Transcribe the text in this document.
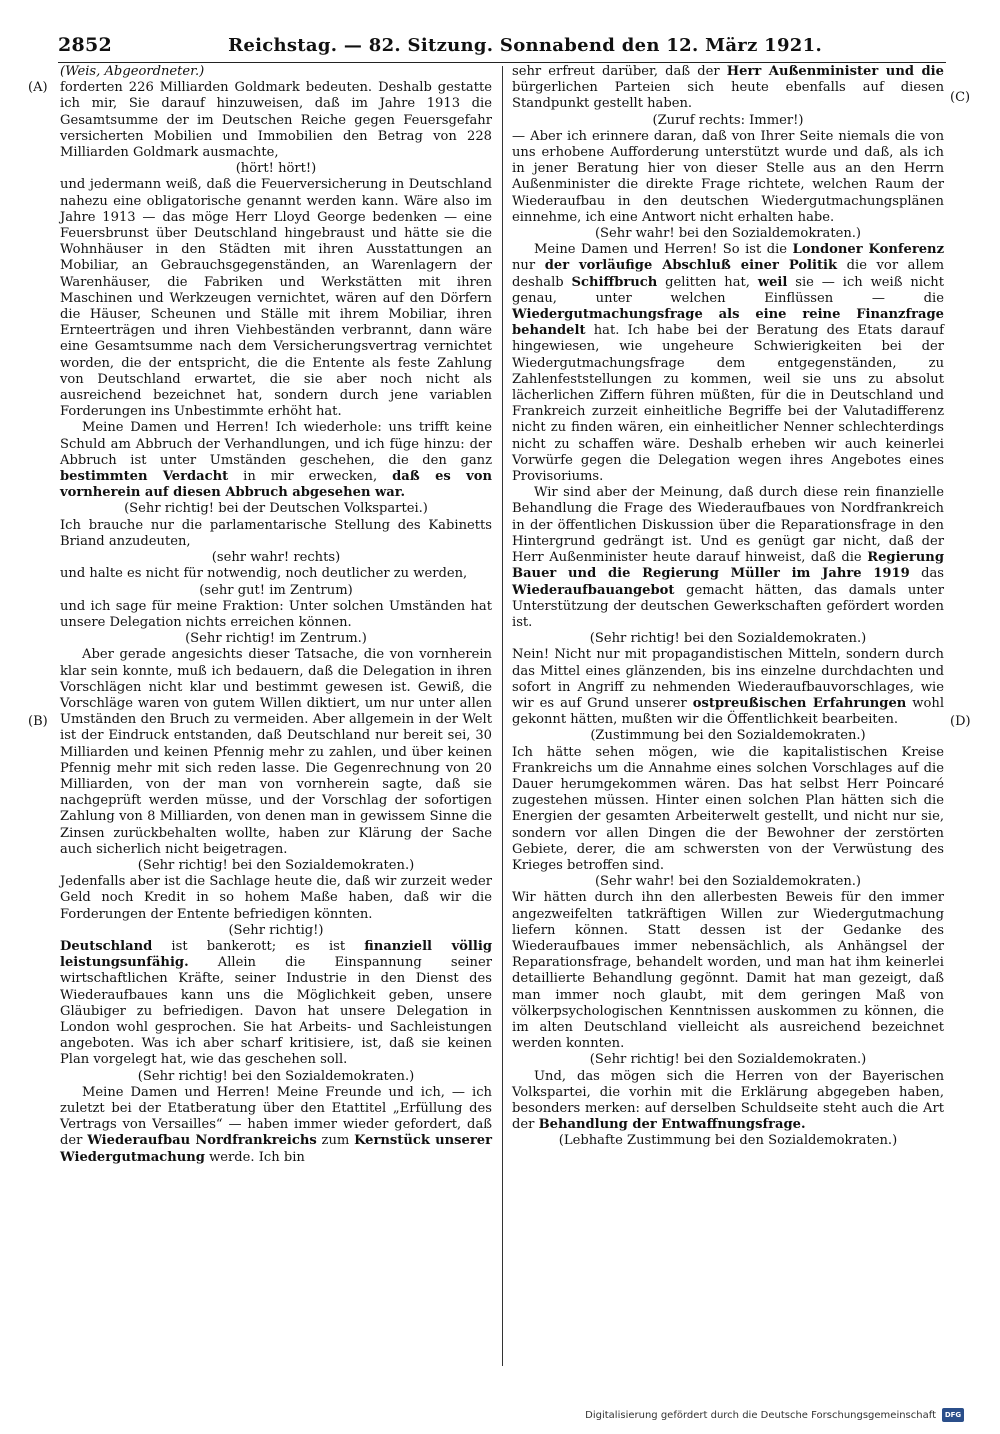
2852	Reichstag. — 82. Sitzung. Sonnabend den 12. März 1921.
(A)
(B)
(C)
(D)

(Weis, Abgeordneter.)

forderten 226 Milliarden Goldmark bedeuten. Deshalb gestatte ich mir, Sie darauf hinzuweisen, daß im Jahre 1913 die Gesamtsumme der im Deutschen Reiche gegen Feuersgefahr versicherten Mobilien und Immobilien den Betrag von 228 Milliarden Goldmark ausmachte,

(hört! hört!)

und jedermann weiß, daß die Feuerversicherung in Deutschland nahezu eine obligatorische genannt werden kann. Wäre also im Jahre 1913 — das möge Herr Lloyd George bedenken — eine Feuersbrunst über Deutschland hingebraust und hätte sie die Wohnhäuser in den Städten mit ihren Ausstattungen an Mobiliar, an Gebrauchsgegenständen, an Warenlagern der Warenhäuser, die Fabriken und Werkstätten mit ihren Maschinen und Werkzeugen vernichtet, wären auf den Dörfern die Häuser, Scheunen und Ställe mit ihrem Mobiliar, ihren Ernteerträgen und ihren Viehbeständen verbrannt, dann wäre eine Gesamtsumme nach dem Versicherungsvertrag vernichtet worden, die der entspricht, die die Entente als feste Zahlung von Deutschland erwartet, die sie aber noch nicht als ausreichend bezeichnet hat, sondern durch jene variablen Forderungen ins Unbestimmte erhöht hat.

Meine Damen und Herren! Ich wiederhole: uns trifft keine Schuld am Abbruch der Verhandlungen, und ich füge hinzu: der Abbruch ist unter Umständen geschehen, die den ganz bestimmten Verdacht in mir erwecken, daß es von vornherein auf diesen Abbruch abgesehen war.

(Sehr richtig! bei der Deutschen Volkspartei.)

Ich brauche nur die parlamentarische Stellung des Kabinetts Briand anzudeuten,

(sehr wahr! rechts)

und halte es nicht für notwendig, noch deutlicher zu werden,

(sehr gut! im Zentrum)

und ich sage für meine Fraktion: Unter solchen Umständen hat unsere Delegation nichts erreichen können.

(Sehr richtig! im Zentrum.)

Aber gerade angesichts dieser Tatsache, die von vornherein klar sein konnte, muß ich bedauern, daß die Delegation in ihren Vorschlägen nicht klar und bestimmt gewesen ist. Gewiß, die Vorschläge waren von gutem Willen diktiert, um nur unter allen Umständen den Bruch zu vermeiden. Aber allgemein in der Welt ist der Eindruck entstanden, daß Deutschland nur bereit sei, 30 Milliarden und keinen Pfennig mehr zu zahlen, und über keinen Pfennig mehr mit sich reden lasse. Die Gegenrechnung von 20 Milliarden, von der man von vornherein sagte, daß sie nachgeprüft werden müsse, und der Vorschlag der sofortigen Zahlung von 8 Milliarden, von denen man in gewissem Sinne die Zinsen zurückbehalten wollte, haben zur Klärung der Sache auch sicherlich nicht beigetragen.

(Sehr richtig! bei den Sozialdemokraten.)

Jedenfalls aber ist die Sachlage heute die, daß wir zurzeit weder Geld noch Kredit in so hohem Maße haben, daß wir die Forderungen der Entente befriedigen könnten.

(Sehr richtig!)

Deutschland ist bankerott; es ist finanziell völlig leistungsunfähig. Allein die Einspannung seiner wirtschaftlichen Kräfte, seiner Industrie in den Dienst des Wiederaufbaues kann uns die Möglichkeit geben, unsere Gläubiger zu befriedigen. Davon hat unsere Delegation in London wohl gesprochen. Sie hat Arbeits- und Sachleistungen angeboten. Was ich aber scharf kritisiere, ist, daß sie keinen Plan vorgelegt hat, wie das geschehen soll.

(Sehr richtig! bei den Sozialdemokraten.)

Meine Damen und Herren! Meine Freunde und ich, — ich zuletzt bei der Etatberatung über den Etattitel „Erfüllung des Vertrags von Versailles“ — haben immer wieder gefordert, daß der Wiederaufbau Nordfrankreichs zum Kernstück unserer Wiedergutmachung werde. Ich bin

sehr erfreut darüber, daß der Herr Außenminister und die bürgerlichen Parteien sich heute ebenfalls auf diesen Standpunkt gestellt haben.

(Zuruf rechts: Immer!)

— Aber ich erinnere daran, daß von Ihrer Seite niemals die von uns erhobene Aufforderung unterstützt wurde und daß, als ich in jener Beratung hier von dieser Stelle aus an den Herrn Außenminister die direkte Frage richtete, welchen Raum der Wiederaufbau in den deutschen Wiedergutmachungsplänen einnehme, ich eine Antwort nicht erhalten habe.

(Sehr wahr! bei den Sozialdemokraten.)

Meine Damen und Herren! So ist die Londoner Konferenz nur der vorläufige Abschluß einer Politik die vor allem deshalb Schiffbruch gelitten hat, weil sie — ich weiß nicht genau, unter welchen Einflüssen — die Wiedergutmachungsfrage als eine reine Finanzfrage behandelt hat. Ich habe bei der Beratung des Etats darauf hingewiesen, wie ungeheure Schwierigkeiten bei der Wiedergutmachungsfrage dem entgegenständen, zu Zahlenfeststellungen zu kommen, weil sie uns zu absolut lächerlichen Ziffern führen müßten, für die in Deutschland und Frankreich zurzeit einheitliche Begriffe bei der Valutadifferenz nicht zu finden wären, ein einheitlicher Nenner schlechterdings nicht zu schaffen wäre. Deshalb erheben wir auch keinerlei Vorwürfe gegen die Delegation wegen ihres Angebotes eines Provisoriums.

Wir sind aber der Meinung, daß durch diese rein finanzielle Behandlung die Frage des Wiederaufbaues von Nordfrankreich in der öffentlichen Diskussion über die Reparationsfrage in den Hintergrund gedrängt ist. Und es genügt gar nicht, daß der Herr Außenminister heute darauf hinweist, daß die Regierung Bauer und die Regierung Müller im Jahre 1919 das Wiederaufbauangebot gemacht hätten, das damals unter Unterstützung der deutschen Gewerkschaften gefördert worden ist.

(Sehr richtig! bei den Sozialdemokraten.)

Nein! Nicht nur mit propagandistischen Mitteln, sondern durch das Mittel eines glänzenden, bis ins einzelne durchdachten und sofort in Angriff zu nehmenden Wiederaufbauvorschlages, wie wir es auf Grund unserer ostpreußischen Erfahrungen wohl gekonnt hätten, mußten wir die Öffentlichkeit bearbeiten.

(Zustimmung bei den Sozialdemokraten.)

Ich hätte sehen mögen, wie die kapitalistischen Kreise Frankreichs um die Annahme eines solchen Vorschlages auf die Dauer herumgekommen wären. Das hat selbst Herr Poincaré zugestehen müssen. Hinter einen solchen Plan hätten sich die Energien der gesamten Arbeiterwelt gestellt, und nicht nur sie, sondern vor allen Dingen die der Bewohner der zerstörten Gebiete, derer, die am schwersten von der Verwüstung des Krieges betroffen sind.

(Sehr wahr! bei den Sozialdemokraten.)

Wir hätten durch ihn den allerbesten Beweis für den immer angezweifelten tatkräftigen Willen zur Wiedergutmachung liefern können. Statt dessen ist der Gedanke des Wiederaufbaues immer nebensächlich, als Anhängsel der Reparationsfrage, behandelt worden, und man hat ihm keinerlei detaillierte Behandlung gegönnt. Damit hat man gezeigt, daß man immer noch glaubt, mit dem geringen Maß von völkerpsychologischen Kenntnissen auskommen zu können, die im alten Deutschland vielleicht als ausreichend bezeichnet werden konnten.

(Sehr richtig! bei den Sozialdemokraten.)

Und, das mögen sich die Herren von der Bayerischen Volkspartei, die vorhin mit die Erklärung abgegeben haben, besonders merken: auf derselben Schuldseite steht auch die Art der Behandlung der Entwaffnungsfrage.

(Lebhafte Zustimmung bei den Sozialdemokraten.)

Digitalisierung gefördert durch die Deutsche Forschungsgemeinschaft	DFG
